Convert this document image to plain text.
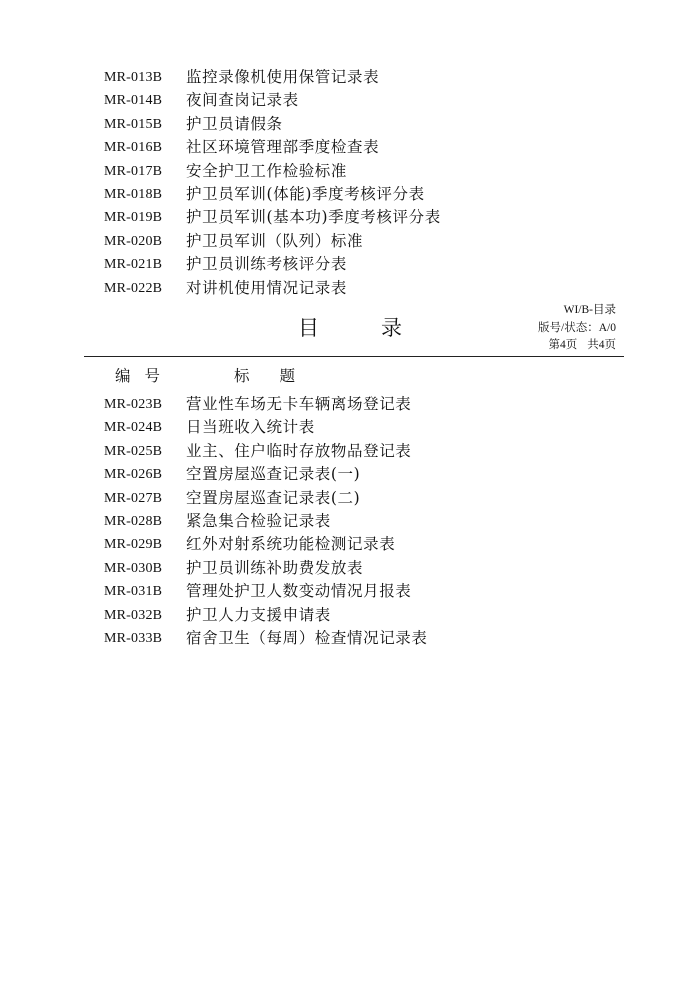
MR-013B	监控录像机使用保管记录表
MR-014B	夜间查岗记录表
MR-015B	护卫员请假条
MR-016B	社区环境管理部季度检查表
MR-017B	安全护卫工作检验标准
MR-018B	护卫员军训(体能)季度考核评分表
MR-019B	护卫员军训(基本功)季度考核评分表
MR-020B	护卫员军训（队列）标准
MR-021B	护卫员训练考核评分表
MR-022B	对讲机使用情况记录表
目	录
WI/B-目录
版号/状态：A/0
第4页 共4页
编号	标题
MR-023B	营业性车场无卡车辆离场登记表
MR-024B	日当班收入统计表
MR-025B	业主、住户临时存放物品登记表
MR-026B	空置房屋巡查记录表(一)
MR-027B	空置房屋巡查记录表(二)
MR-028B	紧急集合检验记录表
MR-029B	红外对射系统功能检测记录表
MR-030B	护卫员训练补助费发放表
MR-031B	管理处护卫人数变动情况月报表
MR-032B	护卫人力支援申请表
MR-033B	宿舍卫生（每周）检查情况记录表
